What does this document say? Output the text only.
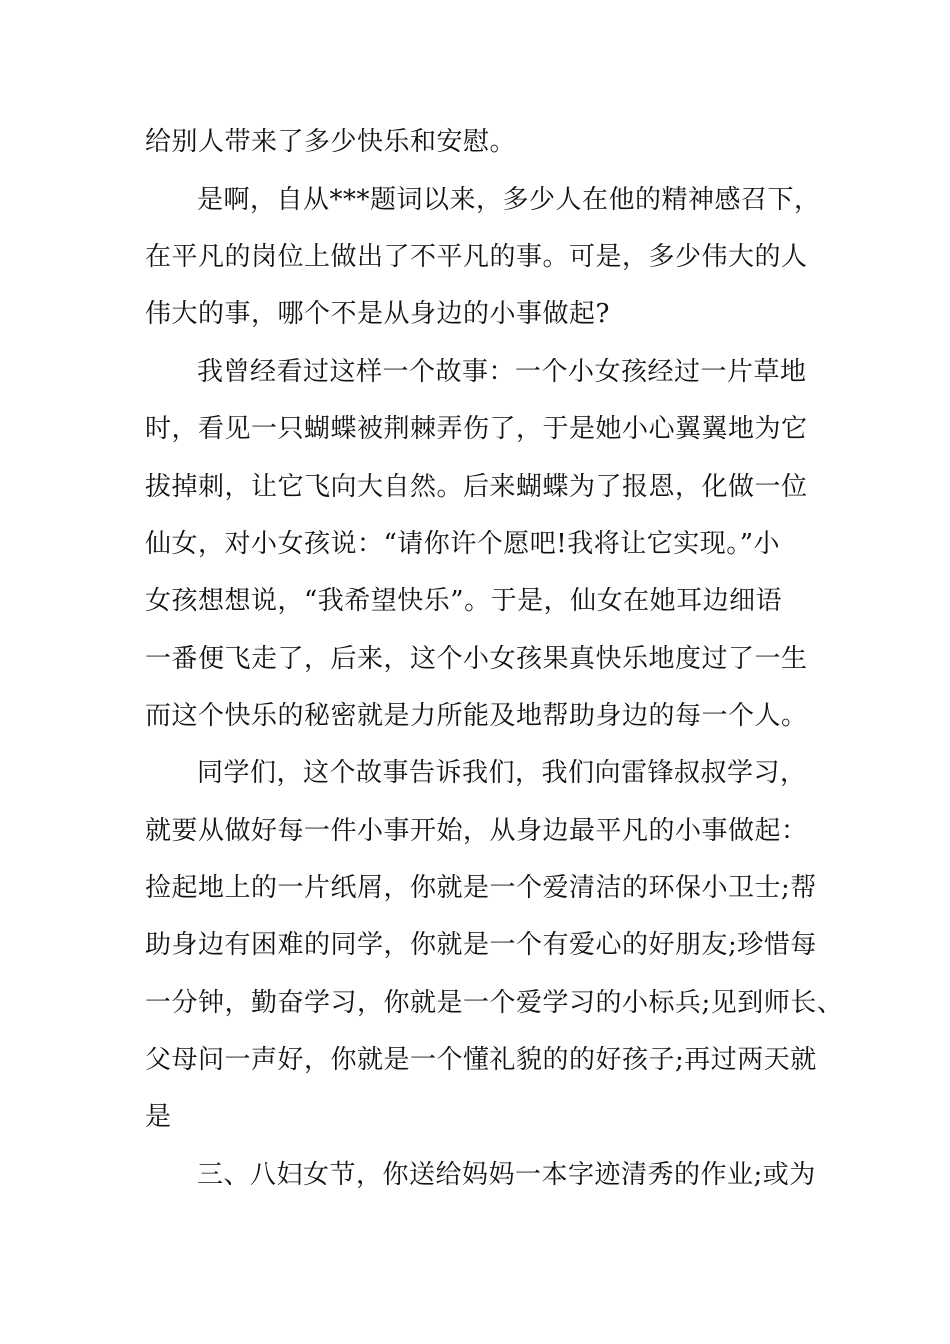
给别人带来了多少快乐和安慰。
是啊，自从***题词以来，多少人在他的精神感召下，
在平凡的岗位上做出了不平凡的事。可是，多少伟大的人
伟大的事，哪个不是从身边的小事做起?
我曾经看过这样一个故事：一个小女孩经过一片草地
时，看见一只蝴蝶被荆棘弄伤了，于是她小心翼翼地为它
拔掉刺，让它飞向大自然。后来蝴蝶为了报恩，化做一位
仙女，对小女孩说：“请你许个愿吧!我将让它实现。”小
女孩想想说，“我希望快乐”。于是，仙女在她耳边细语
一番便飞走了，后来，这个小女孩果真快乐地度过了一生
而这个快乐的秘密就是力所能及地帮助身边的每一个人。
同学们，这个故事告诉我们，我们向雷锋叔叔学习，
就要从做好每一件小事开始，从身边最平凡的小事做起：
捡起地上的一片纸屑，你就是一个爱清洁的环保小卫士;帮
助身边有困难的同学，你就是一个有爱心的好朋友;珍惜每
一分钟，勤奋学习，你就是一个爱学习的小标兵;见到师长、
父母问一声好，你就是一个懂礼貌的的好孩子;再过两天就
是
三、八妇女节，你送给妈妈一本字迹清秀的作业;或为
